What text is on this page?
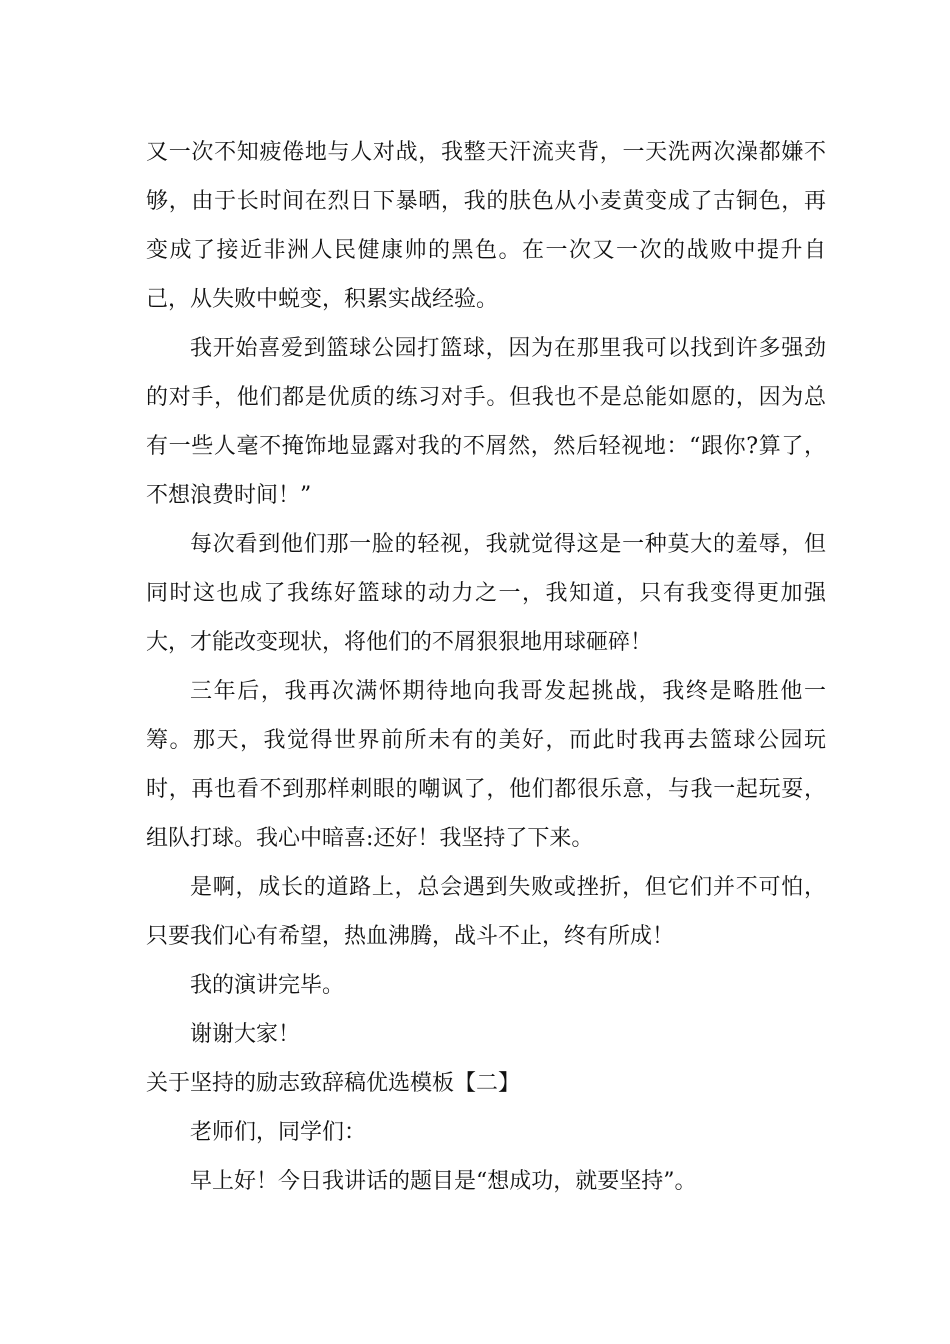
又一次不知疲倦地与人对战，我整天汗流夹背，一天洗两次澡都嫌不够，由于长时间在烈日下暴晒，我的肤色从小麦黄变成了古铜色，再变成了接近非洲人民健康帅的黑色。在一次又一次的战败中提升自己，从失败中蜕变，积累实战经验。

我开始喜爱到篮球公园打篮球，因为在那里我可以找到许多强劲的对手，他们都是优质的练习对手。但我也不是总能如愿的，因为总有一些人毫不掩饰地显露对我的不屑然，然后轻视地：“跟你?算了，不想浪费时间！”

每次看到他们那一脸的轻视，我就觉得这是一种莫大的羞辱，但同时这也成了我练好篮球的动力之一，我知道，只有我变得更加强大，才能改变现状，将他们的不屑狠狠地用球砸碎！

三年后，我再次满怀期待地向我哥发起挑战，我终是略胜他一筹。那天，我觉得世界前所未有的美好，而此时我再去篮球公园玩时，再也看不到那样刺眼的嘲讽了，他们都很乐意，与我一起玩耍，组队打球。我心中暗喜:还好！我坚持了下来。

是啊，成长的道路上，总会遇到失败或挫折，但它们并不可怕，只要我们心有希望，热血沸腾，战斗不止，终有所成！

我的演讲完毕。

谢谢大家！

关于坚持的励志致辞稿优选模板【二】

老师们，同学们：

早上好！今日我讲话的题目是“想成功，就要坚持”。
